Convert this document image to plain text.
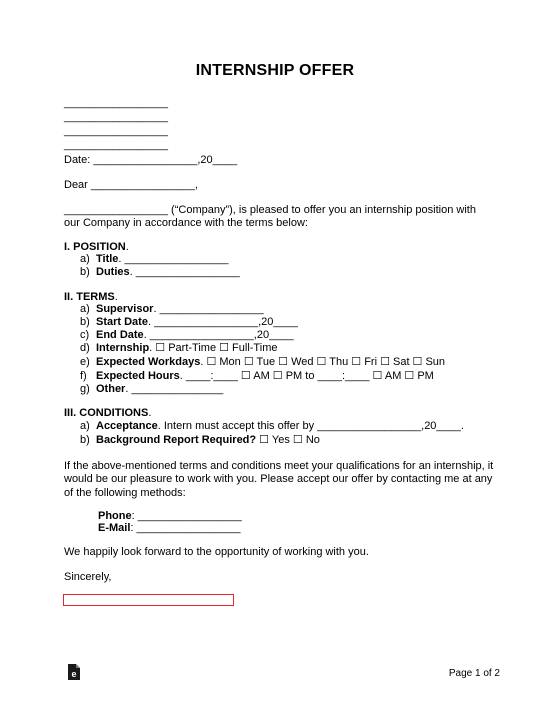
INTERNSHIP OFFER
_________________
_________________
_________________
_________________
Date: _________________,20____
Dear _________________,
_________________ (“Company”), is pleased to offer you an internship position with our Company in accordance with the terms below:
I. POSITION.
a) Title. _________________
b) Duties. _________________
II. TERMS.
a) Supervisor. _________________
b) Start Date. _________________,20____
c) End Date. _________________,20____
d) Internship. ☐ Part-Time ☐ Full-Time
e) Expected Workdays. ☐ Mon ☐ Tue ☐ Wed ☐ Thu ☐ Fri ☐ Sat ☐ Sun
f) Expected Hours. ____:____ ☐ AM ☐ PM to ____:____ ☐ AM ☐ PM
g) Other. _______________
III. CONDITIONS.
a) Acceptance. Intern must accept this offer by _________________,20____.
b) Background Report Required? ☐ Yes ☐ No
If the above-mentioned terms and conditions meet your qualifications for an internship, it would be our pleasure to work with you. Please accept our offer by contacting me at any of the following methods:
Phone: _________________
E-Mail: _________________
We happily look forward to the opportunity of working with you.
Sincerely,
e	Page 1 of 2
